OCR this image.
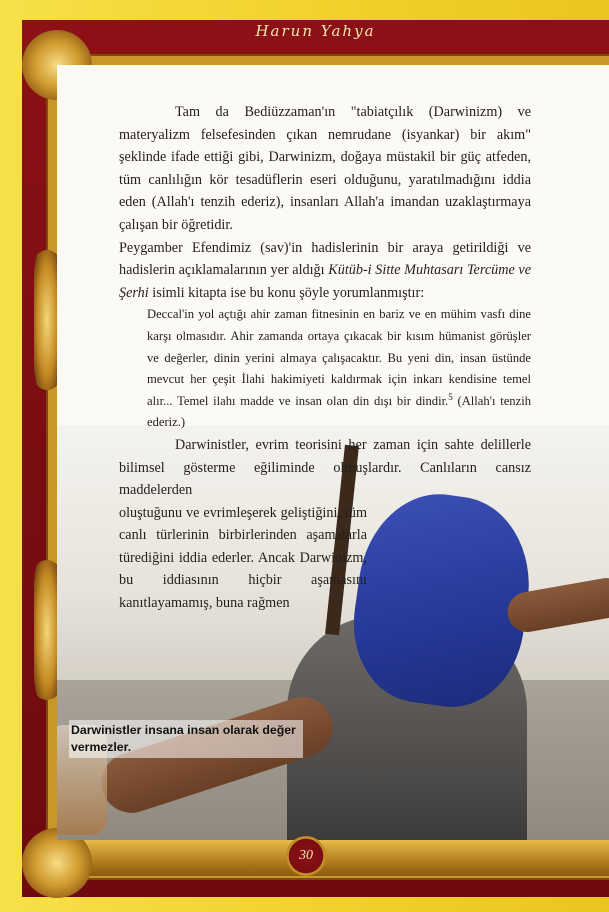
Harun Yahya

Tam da Bediüzzaman'ın "tabiatçılık (Darwinizm) ve materyalizm felsefesinden çıkan nemrudane (isyankar) bir akım" şeklinde ifade ettiği gibi, Darwinizm, doğaya müstakil bir güç atfeden, tüm canlılığın kör tesadüflerin eseri olduğunu, yaratılmadığını iddia eden (Allah'ı tenzih ederiz), insanları Allah'a imandan uzaklaştırmaya çalışan bir öğretidir.

Peygamber Efendimiz (sav)'in hadislerinin bir araya getirildiği ve hadislerin açıklamalarının yer aldığı Kütüb-i Sitte Muhtasarı Tercüme ve Şerhi isimli kitapta ise bu konu şöyle yorumlanmıştır:

Deccal'in yol açtığı ahir zaman fitnesinin en bariz ve en mühim vasfı dine karşı olmasıdır. Ahir zamanda ortaya çıkacak bir kısım hümanist görüşler ve değerler, dinin yerini almaya çalışacaktır. Bu yeni din, insan üstünde mevcut her çeşit İlahi hakimiyeti kaldırmak için inkarı kendisine temel alır... Temel ilahı madde ve insan olan din dışı bir dindir.$^5$ (Allah'ı tenzih ederiz.)

Darwinistler, evrim teorisini her zaman için sahte delillerle bilimsel gösterme eğiliminde olmuşlardır. Canlıların cansız maddelerden

oluştuğunu ve evrimleşerek geliştiğini, tüm canlı türlerinin birbirlerinden aşamalarla türediğini iddia ederler. Ancak Darwinizm, bu iddiasının hiçbir aşamasını kanıtlayamamış, buna rağmen

Darwinistler insana insan olarak değer vermezler.
30
